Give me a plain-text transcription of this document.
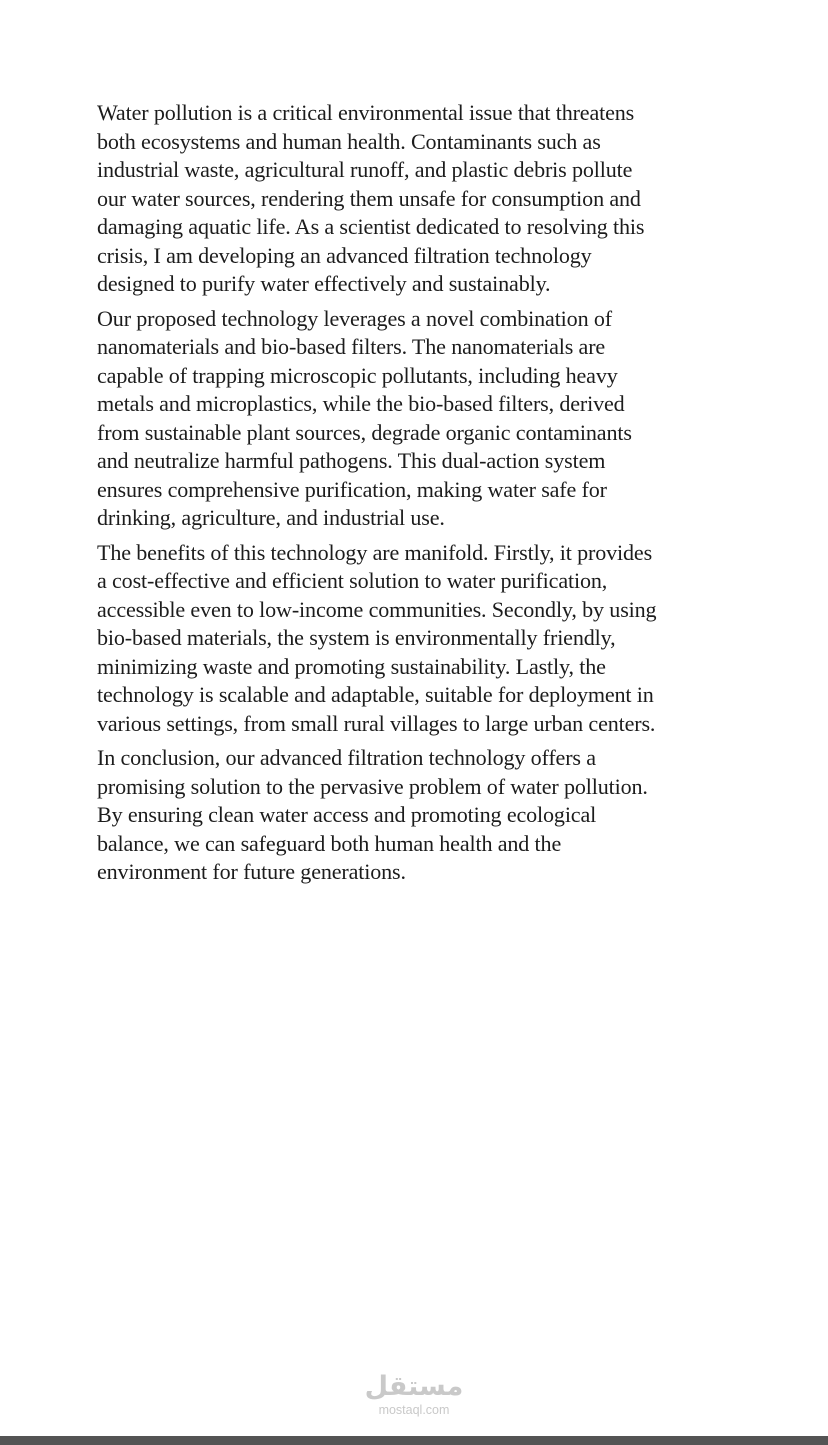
Water pollution is a critical environmental issue that threatens
both ecosystems and human health. Contaminants such as
industrial waste, agricultural runoff, and plastic debris pollute
our water sources, rendering them unsafe for consumption and
damaging aquatic life. As a scientist dedicated to resolving this
crisis, I am developing an advanced filtration technology
designed to purify water effectively and sustainably.

Our proposed technology leverages a novel combination of
nanomaterials and bio-based filters. The nanomaterials are
capable of trapping microscopic pollutants, including heavy
metals and microplastics, while the bio-based filters, derived
from sustainable plant sources, degrade organic contaminants
and neutralize harmful pathogens. This dual-action system
ensures comprehensive purification, making water safe for
drinking, agriculture, and industrial use.

The benefits of this technology are manifold. Firstly, it provides
a cost-effective and efficient solution to water purification,
accessible even to low-income communities. Secondly, by using
bio-based materials, the system is environmentally friendly,
minimizing waste and promoting sustainability. Lastly, the
technology is scalable and adaptable, suitable for deployment in
various settings, from small rural villages to large urban centers.

In conclusion, our advanced filtration technology offers a
promising solution to the pervasive problem of water pollution.
By ensuring clean water access and promoting ecological
balance, we can safeguard both human health and the
environment for future generations.

مستقل
mostaql.com
